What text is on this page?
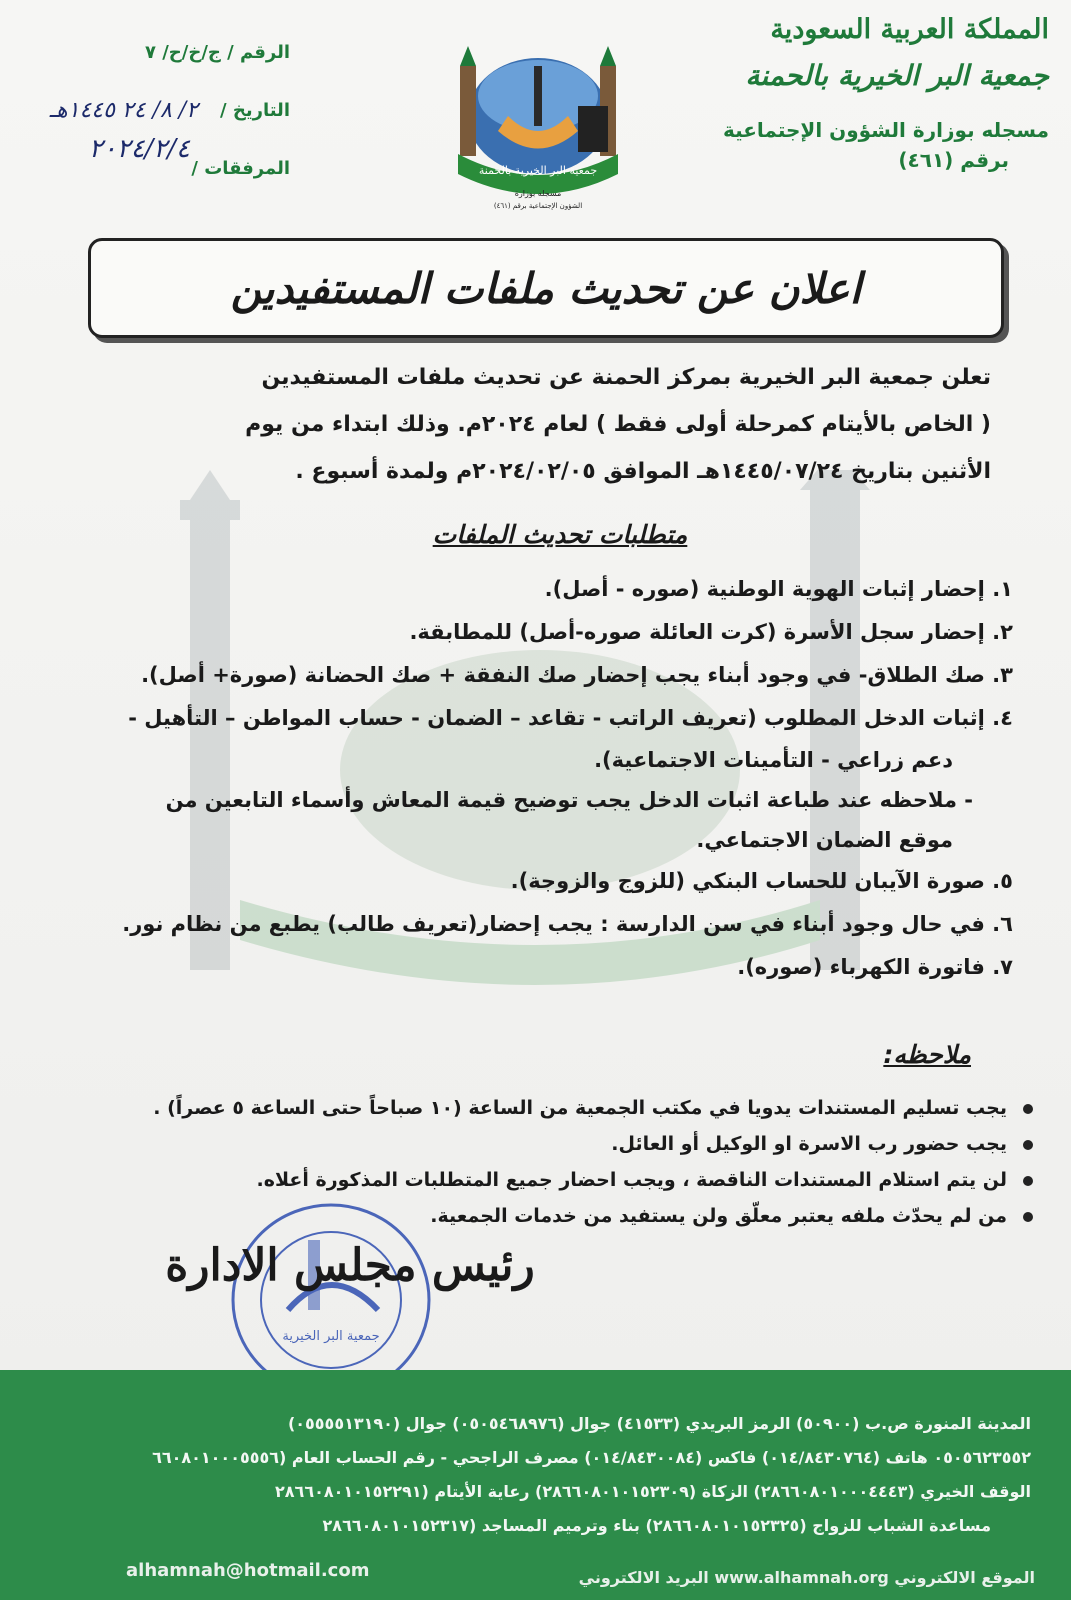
المملكة العربية السعودية
جمعية البر الخيرية بالحمنة
مسجله بوزارة الشؤون الإجتماعية
برقم (٤٦١)
الرقم / ج/خ/ح/ ٧
التاريخ /
٢/ ٨/ ٢٤ ١٤٤٥هـ
المرفقات /
٢٠٢٤/٢/٤
جمعية البر الخيرية بالحمنة
مسجله بوزارة
الشؤون الإجتماعية برقم (٤٦١)
اعلان عن تحديث ملفات المستفيدين

تعلن جمعية البر الخيرية بمركز الحمنة عن تحديث ملفات المستفيدين

( الخاص بالأيتام كمرحلة أولى فقط ) لعام ٢٠٢٤م. وذلك ابتداء من يوم

الأثنين بتاريخ ١٤٤٥/٠٧/٢٤هـ الموافق ٢٠٢٤/٠٢/٠٥م ولمدة أسبوع .

متطلبات تحديث الملفات
١. إحضار إثبات الهوية الوطنية (صوره - أصل).
٢. إحضار سجل الأسرة (كرت العائلة صوره-أصل) للمطابقة.
٣. صك الطلاق- في وجود أبناء يجب إحضار صك النفقة + صك الحضانة (صورة+ أصل).
٤. إثبات الدخل المطلوب (تعريف الراتب - تقاعد – الضمان - حساب المواطن – التأهيل -
دعم زراعي - التأمينات الاجتماعية).
- ملاحظه عند طباعة اثبات الدخل يجب توضيح قيمة المعاش وأسماء التابعين من
موقع الضمان الاجتماعي.
٥. صورة الآيبان للحساب البنكي (للزوج والزوجة).
٦. في حال وجود أبناء في سن الدارسة : يجب إحضار(تعريف طالب) يطبع من نظام نور.
٧. فاتورة الكهرباء (صوره).
ملاحظه:
يجب تسليم المستندات يدويا في مكتب الجمعية من الساعة (١٠ صباحاً حتى الساعة ٥ عصراً) .
يجب حضور رب الاسرة او الوكيل أو العائل.
لن يتم استلام المستندات الناقصة ، ويجب احضار جميع المتطلبات المذكورة أعلاه.
من لم يحدّث ملفه يعتبر معلّق ولن يستفيد من خدمات الجمعية.
جمعية البر الخيرية
رئيس مجلس الادارة
المدينة المنورة ص.ب (٥٠٩٠٠) الرمز البريدي (٤١٥٣٣) جوال (٠٥٠٥٤٦٨٩٧٦) جوال (٠٥٥٥٥١٣١٩٠)
٠٥٠٥٦٢٣٥٥٢ هاتف (٠١٤/٨٤٣٠٧٦٤) فاكس (٠١٤/٨٤٣٠٠٨٤) مصرف الراجحي - رقم الحساب العام (٦٦٠٨٠١٠٠٠٥٥٥٦
الوقف الخيري (٢٨٦٦٠٨٠١٠٠٠٤٤٤٣) الزكاة (٢٨٦٦٠٨٠١٠١٥٢٣٠٩) رعاية الأيتام (٢٨٦٦٠٨٠١٠١٥٢٢٩١
مساعدة الشباب للزواج (٢٨٦٦٠٨٠١٠١٥٢٣٢٥) بناء وترميم المساجد (٢٨٦٦٠٨٠١٠١٥٢٣١٧
الموقع الالكتروني www.alhamnah.org البريد الالكتروني
alhamnah@hotmail.com
